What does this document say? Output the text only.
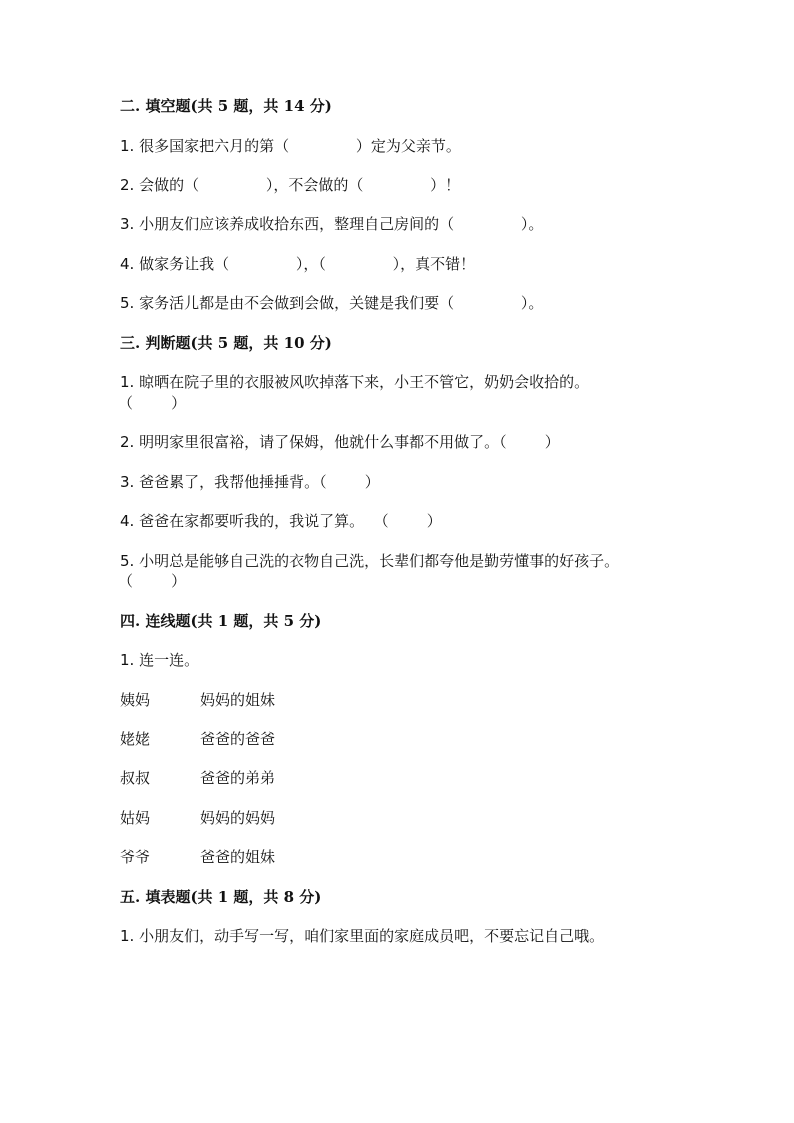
二. 填空题(共 5 题，共 14 分)
1. 很多国家把六月的第（              ）定为父亲节。
2. 会做的（              ），不会做的（              ）！
3. 小朋友们应该养成收拾东西，整理自己房间的（              ）。
4. 做家务让我（              ），（              ），真不错！
5. 家务活儿都是由不会做到会做，关键是我们要（              ）。
三. 判断题(共 5 题，共 10 分)
1. 晾晒在院子里的衣服被风吹掉落下来，小王不管它，奶奶会收拾的。
（        ）
2. 明明家里很富裕，请了保姆，他就什么事都不用做了。（        ）
3. 爸爸累了，我帮他捶捶背。（        ）
4. 爸爸在家都要听我的，我说了算。  （        ）
5. 小明总是能够自己洗的衣物自己洗，长辈们都夸他是勤劳懂事的好孩子。
（        ）
四. 连线题(共 1 题，共 5 分)
1. 连一连。
姨妈	妈妈的姐妹
姥姥	爸爸的爸爸
叔叔	爸爸的弟弟
姑妈	妈妈的妈妈
爷爷	爸爸的姐妹
五. 填表题(共 1 题，共 8 分)
1. 小朋友们，动手写一写，咱们家里面的家庭成员吧，不要忘记自己哦。
